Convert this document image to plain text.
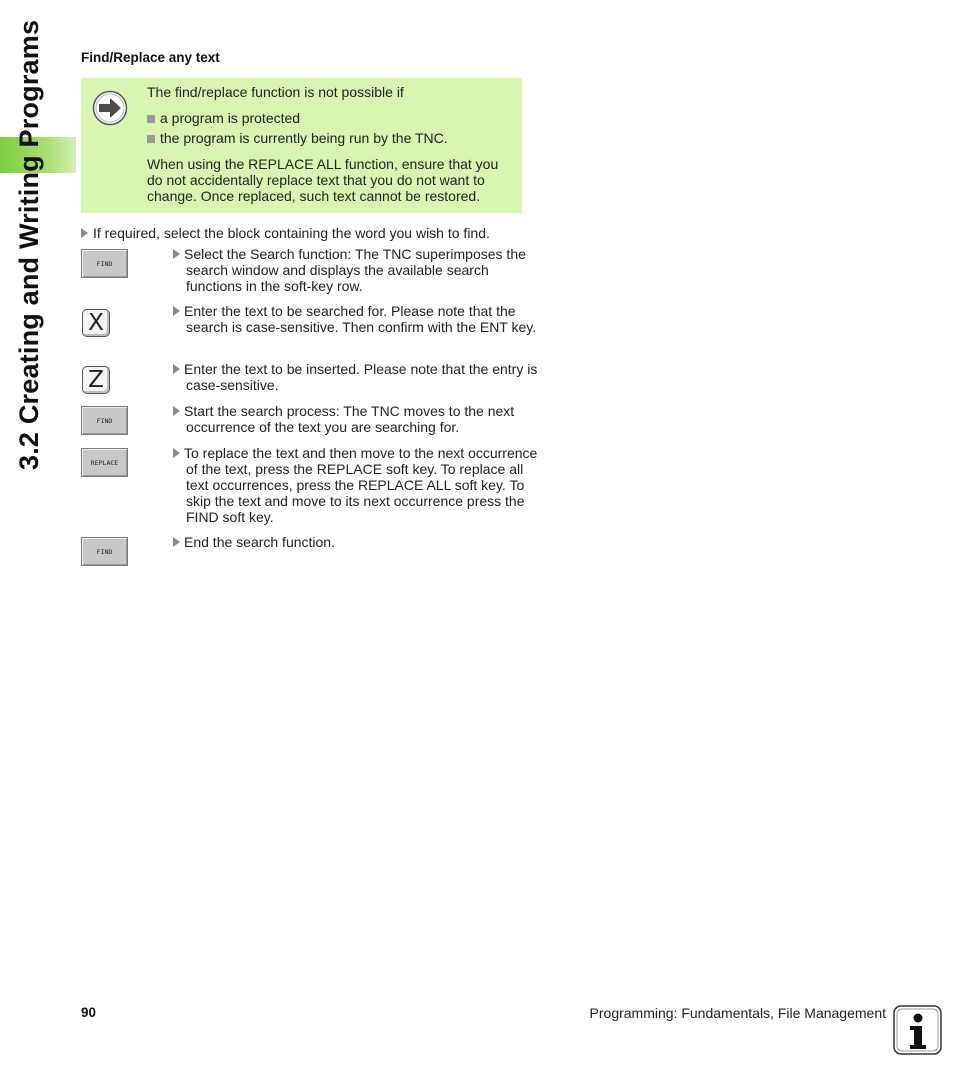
3.2 Creating and Writing Programs	Find/Replace any text

The find/replace function is not possible if

a program is protected

the program is currently being run by the TNC.

When using the REPLACE ALL function, ensure that you do not accidentally replace text that you do not want to change. Once replaced, such text cannot be restored.

If required, select the block containing the word you wish to find.
FIND
Select the Search function: The TNC superimposes the search window and displays the available search functions in the soft-key row.
X	Enter the text to be searched for. Please note that the search is case-sensitive. Then confirm with the ENT key.
Z	Enter the text to be inserted. Please note that the entry is case-sensitive.
FIND
Start the search process: The TNC moves to the next occurrence of the text you are searching for.
REPLACE
To replace the text and then move to the next occurrence of the text, press the REPLACE soft key. To replace all text occurrences, press the REPLACE ALL soft key. To skip the text and move to its next occurrence press the FIND soft key.
FIND
End the search function.
90	Programming: Fundamentals, File Management
